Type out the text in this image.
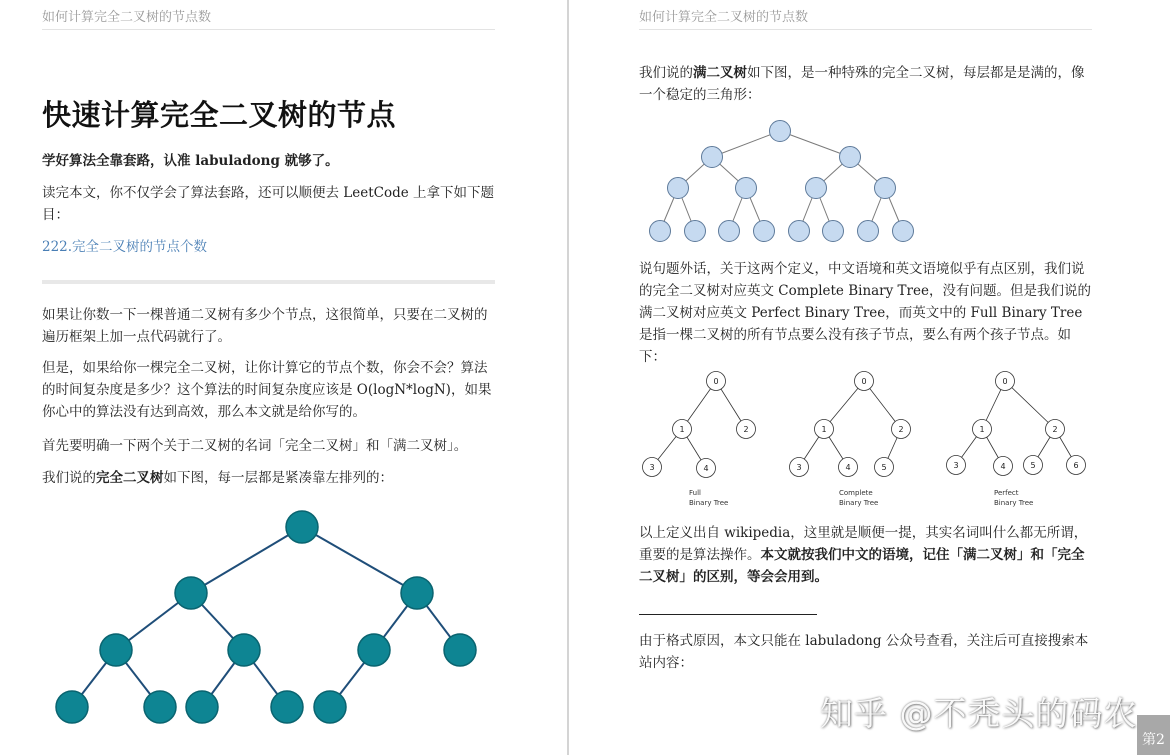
如何计算完全二叉树的节点数
快速计算完全二叉树的节点

学好算法全靠套路，认准 labuladong 就够了。

读完本文，你不仅学会了算法套路，还可以顺便去 LeetCode 上拿下如下题目：

222.完全二叉树的节点个数

如果让你数一下一棵普通二叉树有多少个节点，这很简单，只要在二叉树的遍历框架上加一点代码就行了。

但是，如果给你一棵完全二叉树，让你计算它的节点个数，你会不会？算法的时间复杂度是多少？这个算法的时间复杂度应该是 O(logN*logN)，如果你心中的算法没有达到高效，那么本文就是给你写的。

首先要明确一下两个关于二叉树的名词「完全二叉树」和「满二叉树」。

我们说的完全二叉树如下图，每一层都是紧凑靠左排列的：

如何计算完全二叉树的节点数

我们说的满二叉树如下图，是一种特殊的完全二叉树，每层都是是满的，像一个稳定的三角形：

说句题外话，关于这两个定义，中文语境和英文语境似乎有点区别，我们说的完全二叉树对应英文 Complete Binary Tree，没有问题。但是我们说的满二叉树对应英文 Perfect Binary Tree，而英文中的 Full Binary Tree 是指一棵二叉树的所有节点要么没有孩子节点，要么有两个孩子节点。如下：

0
1	2
3	4
0
1	2
3	4	5
0
1	2
3	4	5	6
Full
Binary Tree
Complete
Binary Tree
Perfect
Binary Tree

以上定义出自 wikipedia，这里就是顺便一提，其实名词叫什么都无所谓，重要的是算法操作。本文就按我们中文的语境，记住「满二叉树」和「完全二叉树」的区别，等会会用到。

由于格式原因，本文只能在 labuladong 公众号查看，关注后可直接搜索本站内容：

知乎 @不秃头的码农
第2
